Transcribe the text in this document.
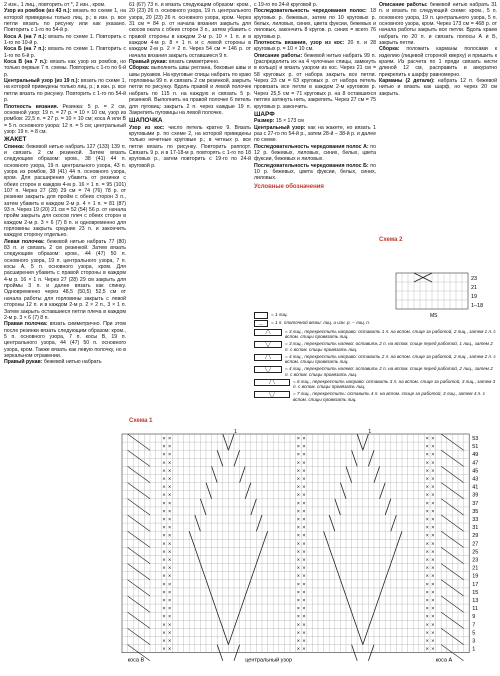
2 изн., 1 лиц., повторить от *, 2 изн., кром.

Узор из ромбов (из 43 п.): вязать по схеме 1, на которой приведены только лиц. р.; в изн. р. все петли вязать по рисунку или как указано. Повторить с 1-го по 54-й р.

Коса А (на 7 п.): вязать по схеме 1. Повторить с 1-го по 10-й р.

Коса Б (на 7 п.): вязать по схеме 1. Повторить с 1-го по 6-й р.

Коса В (на 7 п.): вязать как узор из ромбов, но только первые 7 п. схемы. Повторить с 1-го по 6-й р.

Центральный узор (из 19 п.): вязать по схеме 1, на которой приведены только лиц. р.; в изн. р. все петли вязать по рисунку. Повторить с 1-го по 54-й р.

Плотность вязания. Резинка: 5 р. = 2 см, основной узор: 19 п. = 27 р. = 10 × 10 см, узор из ромбов: 22,5 п. = 27 р. = 10 × 10 см; коса А или В = 5 п. основного узора: 12 п. = 5 см; центральный узор: 19 п. = 8 см.

ЖАКЕТ

Спинка: бежевой нитью набрать 127 (133) 139 п. и связать 2 см резинкой. Затем вязать следующим образом: кром., 38 (41) 44 п. основного узора, 19 п. центрального узора, 43 п. узора из ромбов, 38 (41) 44 п. основного узора, кром. Для расширения убавить от резинки с обеих сторон в каждом 4-м р. 16 × 1 п. = 95 (101) 107 п. Через 27 (28) 29 см = 74 (76) 78 р. от резинки закрыть для пройм с обеих сторон 3 п., затем убавить в каждом 2-м р. 4 × 1 п. = 81 (87) 93 п. Через 19 (20) 21 см = 52 (54) 56 р. от начала пройм закрыть для скосов плеч с обеих сторон в каждом 2-м р. 3 × 6 (7) 8 п. и одновременно для горловины закрыть средние 23 п. и закончить каждую сторону отдельно.

Левая полочка: бежевой нитью набрать 77 (80) 83 п. и связать 2 см резинкой. Затем вязать следующим образом: кром., 44 (47) 50 п. основного узора, 19 п. центрального узора, 7 п. косы А, 5 п. основного узора, кром. Для расширения убавить с правой стороны в каждом 4-м р. 16 × 1 п. Через 27 (28) 29 см закрыть для проймы 3 п. и далее вязать как спинку. Одновременно через 48,5 (50,5) 52,5 см от начала работы для горловины закрыть с левой стороны 12 п. и в каждом 2-м р. 2 × 2 п., 3 × 1 п. Затем закрыть оставшиеся петли плеча в каждом 2-м р. 3 × 6 (7) 8 п.

Правая полочка: вязать симметрично. При этом после резинки вязать следующим образом: кром., 5 п. основного узора, 7 п. косы В, 19 п. центрального узора, 44 (47) 50 п. основного узора, кром. Также вязать как левую полочку, но в зеркальном отражении.

Правый рукав: бежевой нитью набрать

61 (67) 73 п. и вязать следующим образом: кром., 20 (23) 26 п. основного узора, 19 п. центрального узора, 20 (23) 26 п. основного узора, кром. Через 31 см = 84 р. от начала вязания закрыть для скосов оката с обеих сторон 3 п., затем убавить с правой стороны в каждом 2-м р. 10 × 1 п. и в каждом 4-м р. 8 × 1 п. и с левой стороны в каждом 2-м р. 2 × 2 п. Через 54 см = 146 р. от начала вязания закрыть оставшиеся 9 п.

Правый рукав: вязать симметрично.

Сборка: выполнить швы реглана, боковые швы и швы рукавов. На круговые спицы набрать по краю горловины 99 п. и связать 2 см резинкой, закрыть петли по рисунку. Вдоль правой и левой полочек набрать по 115 п. на каждую и связать 5 р. резинкой. Выполнить на правой полочке 6 петель для пуговиц: закрыть 2 п. через каждые 19 п. Закрепить пуговицы на левой полочке.

ШАПОЧКА

Узор из кос: число петель кратно 9. Вязать круговыми р. по схеме 2, на которой приведены только нечетные круговые р.; в четных р. все петли вязать по рисунку. Повторить раппорт. Связать 9 р. и в 17-18-м р. повторять с 1-го по 18 круговых р., затем повторить с 19-го по 24-й круговой р.

Схема 1

с 19-го по 24-й круговой р.

Последовательность чередования полос: 18 круговых р. бежевых, затем по 10 круговых р. белых, лиловых, синих, цвета фуксии, бежевых и лиловых, закончить 8 кругов. р. синих = всего 76 круговых р.

Плотность вязания, узор из кос: 20 п. и 28 круговых р. = 10 × 10 см.

Описание работы: бежевой нитью набрать 99 п. (распределить их на 4 чулочные спицы, замкнуть в кольцо) и вязать узором из кос. Через 21 см = 58 круговых р. от набора закрыть все петли. Через 23 см = 63 круговых р. от набора петель провязать все петли в каждом 2-м круговом р. Через 25,5 см = 71 круговых р. на 8 оставшихся петлях затянуть нить, закрепить. Через 27 см = 75 круговых р. закончить.

ШАРФ

Размер: 15 × 173 см

Центральный узор: как на жакете, но вязать 1 раз с 27-го по 54-й р., затем 28-й – 38-й р. и далее по схеме.

Последовательность чередования полос А: по 12 р. бежевых, лиловых, синих, белых, цвета фуксии, бежевых и лиловых.

Последовательность чередования полос Б: по 10 р. бежевых, цвета фуксии, белых, синих, лиловых.

Условные обозначения

Описание работы: бежевой нитью набрать 31 п. и вязать по следующей схеме: кром., 5 п. основного узора, 19 п. центрального узора, 5 п. основного узора, кром. Через 173 см = 468 р. от начала работы закрыть все петли. Вдоль краев набрать по 20 п. и связать полосы А и Б, закрыть петли.

Сборка: положить карманы полосами к изделию (лицевой стороной кверху) и пришить к краям. Из расчета по 1 пряди связать кисти длиной 12 см, расправить и аккуратно прикрепить к шарфу равномерно.

Карманы (2 детали): набрать 12 п. бежевой нитью и вязать как шарф, но через 20 см закрыть.

Схема 2
= 1 лиц.
—	= 1 п. платочной вязки: лиц. и изн. р. – лиц. п.
╱╲	= 3 лиц., перекрестить направо: оставить 1 п. на вспом. спице за работой, 2 лиц., затем 1 п. с вспом. спицы провязать лиц.
╲╱	= 3 лиц., перекрестить налево: оставить 2 п. на вспом. спице перед работой, 1 лиц., затем 2 п. с вспом. спицы провязать лиц.
╱ ╲	= 4 лиц., перекрестить направо: оставить 2 п. на вспом. спице за работой, 2 лиц., затем 2 п. с вспом. спицы провязать лиц.
╲ ╱	= 4 лиц., перекрестить налево: оставить 2 п. на вспом. спице перед работой, 2 лиц., затем 2 п. с вспом. спицы провязать лиц.
╱ ╲	= 6 лиц., перекрестить направо: оставить 3 п. на вспом. спице за работой, 3 лиц., затем 3 п. с вспом. спицы провязать лиц.
╲ ╱	= 7 лиц., перекрестить: оставить 4 п. на вспом. спице за работой, 3 лиц., затем 4 п. с вспом. спицы провязать лиц.
23
21
19
1–18
MS
×
×
×
×
×
×
×
×
×
×
×
×
×
×
×
×
×
×
×
×
×
×
×
×
×
×
×
×
×
×
×
×
×
×
×
×
×
×
×
×
×
×
×
×
×
×
×
×
×
×
×
×
×
×
×
×
×
×
×
×
×
×
×
×
×
×
×
×
×
×
×
×
×
×
×
×
×
×
×
×
×
×
×
×
×
×
×
×
×
×
×
×
×
×
×
×
×
×
×
×
×
×
×
×
×
×
×
×
×
×
×
×
×
×
×
×
×
×
×
×
×
×
×
×
×
×
×
×
×
×
×
×
×
×
×
×
×
×
×
×
×
×
×
×
×
×
×
×
×
×
×
×
×
×
×
×
×
×
×
×
×
×
53
51
49
47
45
43
41
39
37
35
33
31
29
27
25
23
21
19
17
15
13
11
9
7
5
3
1
1	1
коса В	центральный узор	коса А
